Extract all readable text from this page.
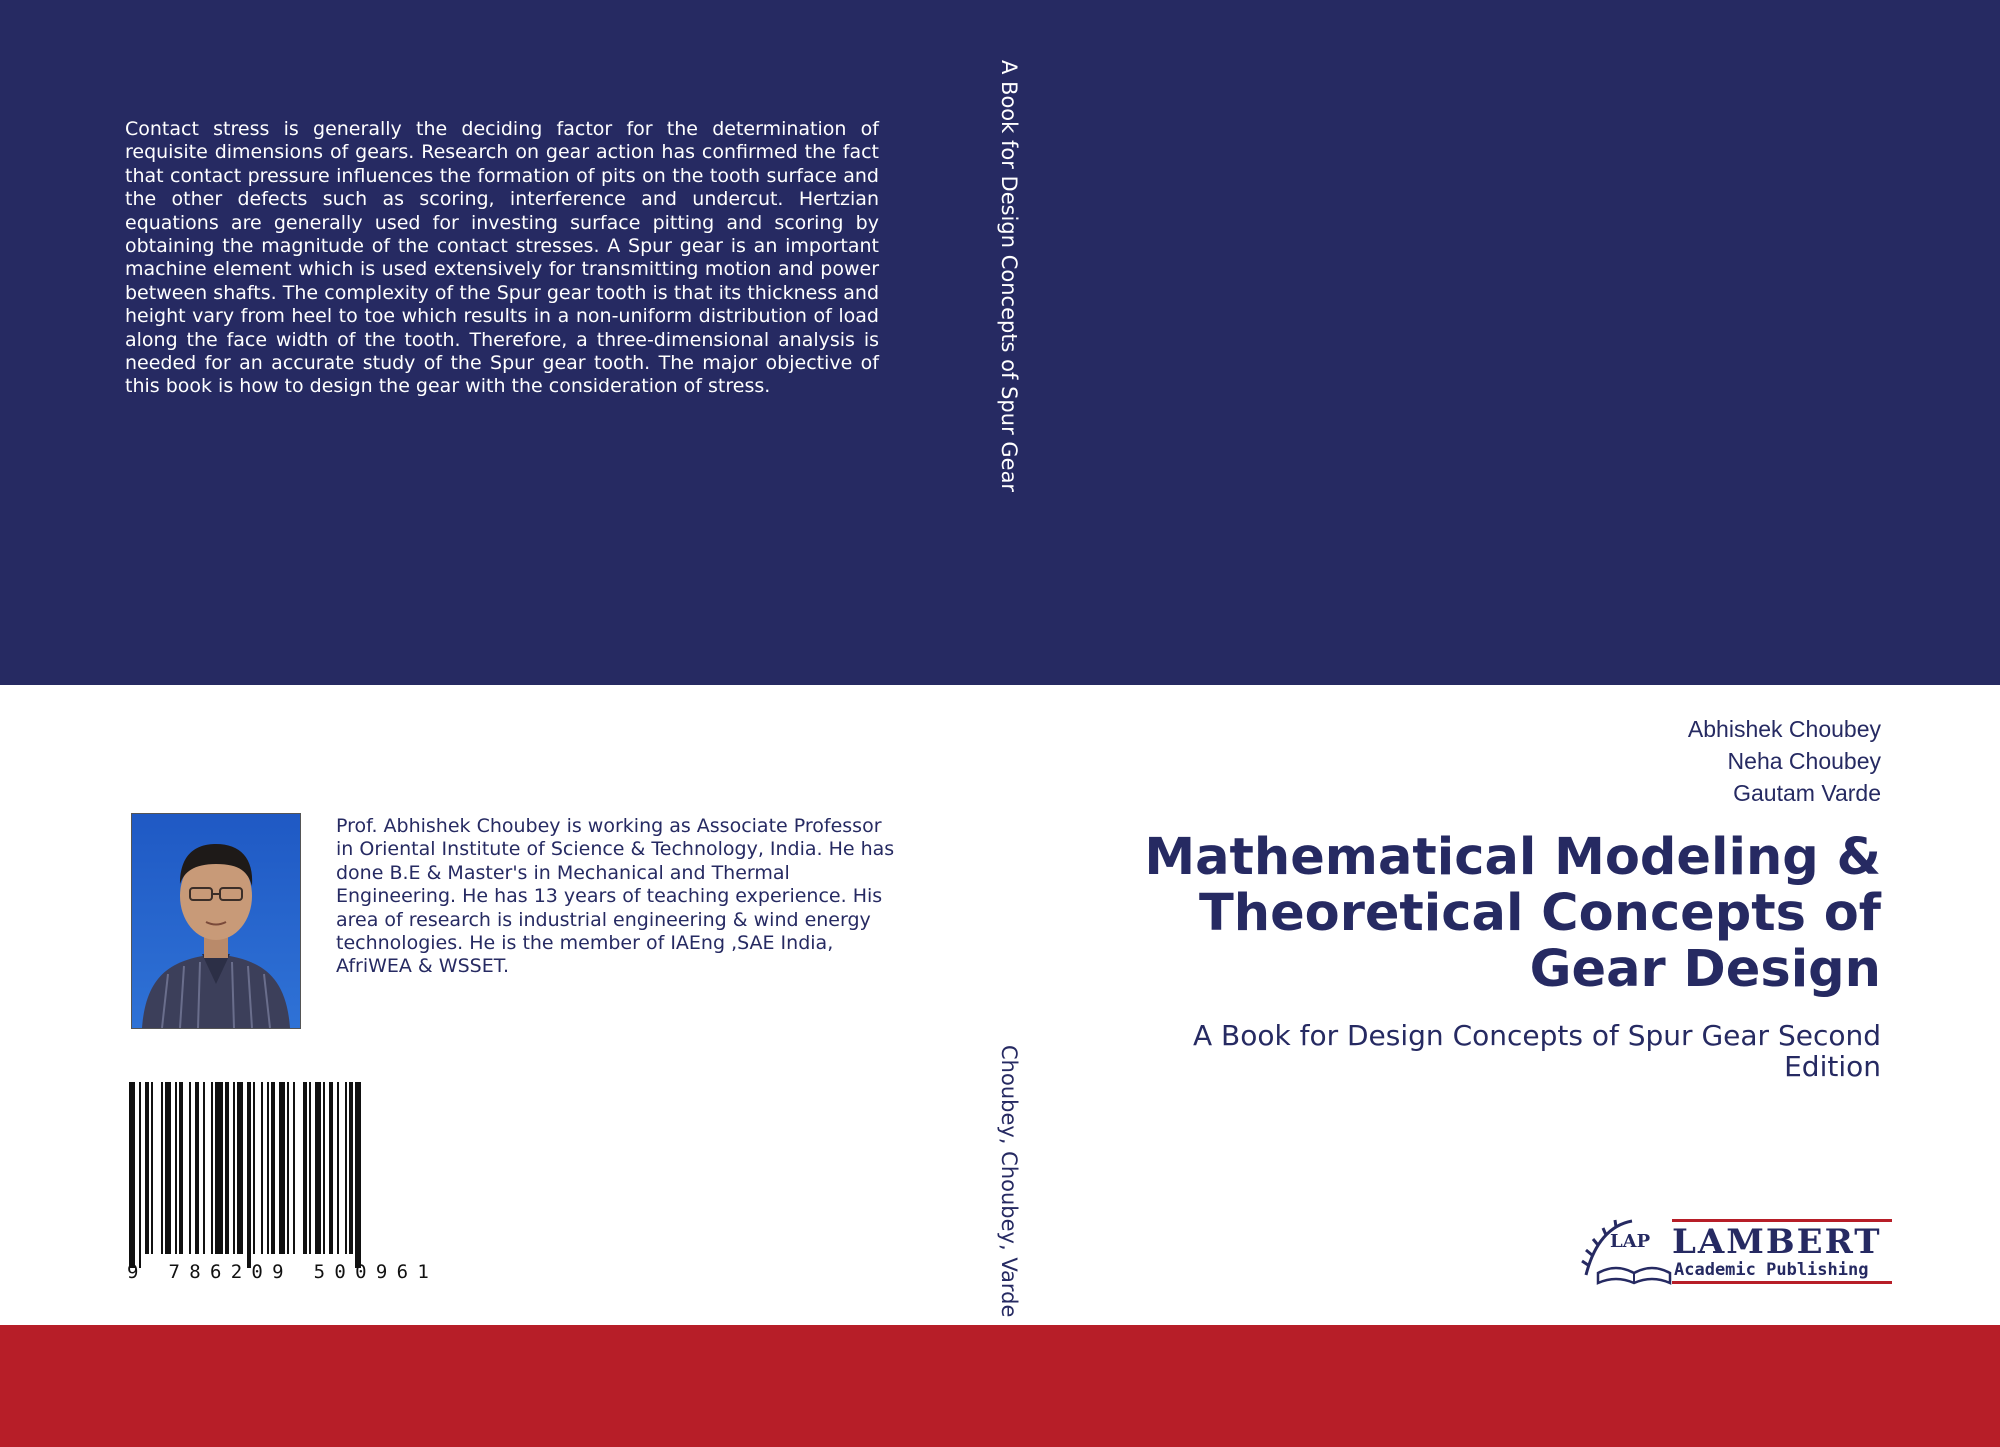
Contact stress is generally the deciding factor for the determination of requisite dimensions of gears. Research on gear action has confirmed the fact that contact pressure influences the formation of pits on the tooth surface and the other defects such as scoring, interference and undercut. Hertzian equations are generally used for investing surface pitting and scoring by obtaining the magnitude of the contact stresses. A Spur gear is an important machine element which is used extensively for transmitting motion and power between shafts. The complexity of the Spur gear tooth is that its thickness and height vary from heel to toe which results in a non-uniform distribution of load along the face width of the tooth. Therefore, a three-dimensional analysis is needed for an accurate study of the Spur gear tooth. The major objective of this book is how to design the gear with the consideration of stress.	A Book for Design Concepts of Spur Gear
Choubey, Choubey, Varde
Abhishek Choubey
Neha Choubey
Gautam Varde
Mathematical Modeling &
Theoretical Concepts of
Gear Design
A Book for Design Concepts of Spur Gear Second
Edition

Prof. Abhishek Choubey is working as Associate Professor in Oriental Institute of Science & Technology, India. He has done B.E & Master's in Mechanical and Thermal Engineering. He has 13 years of teaching experience. His area of research is industrial engineering & wind energy technologies. He is the member of IAEng ,SAE India, AfriWEA & WSSET.

9 786209 500961
LAP LAMBERT
Academic Publishing
